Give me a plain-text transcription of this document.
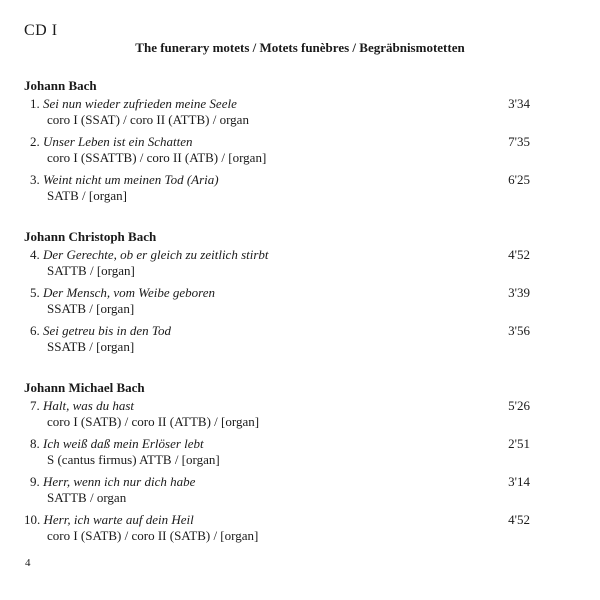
CD I
The funerary motets / Motets funèbres / Begräbnismotetten
Johann Bach
1. Sei nun wieder zufrieden meine Seele
coro I (SSAT) / coro II (ATTB) / organ
3'34
2. Unser Leben ist ein Schatten
coro I (SSATTB) / coro II (ATB) / [organ]
7'35
3. Weint nicht um meinen Tod (Aria)
SATB / [organ]
6'25
Johann Christoph Bach
4. Der Gerechte, ob er gleich zu zeitlich stirbt
SATTB / [organ]
4'52
5. Der Mensch, vom Weibe geboren
SSATB / [organ]
3'39
6. Sei getreu bis in den Tod
SSATB / [organ]
3'56
Johann Michael Bach
7. Halt, was du hast
coro I (SATB) / coro II (ATTB) / [organ]
5'26
8. Ich weiß daß mein Erlöser lebt
S (cantus firmus) ATTB / [organ]
2'51
9. Herr, wenn ich nur dich habe
SATTB / organ
3'14
10. Herr, ich warte auf dein Heil
coro I (SATB) / coro II (SATB) / [organ]
4'52
4
